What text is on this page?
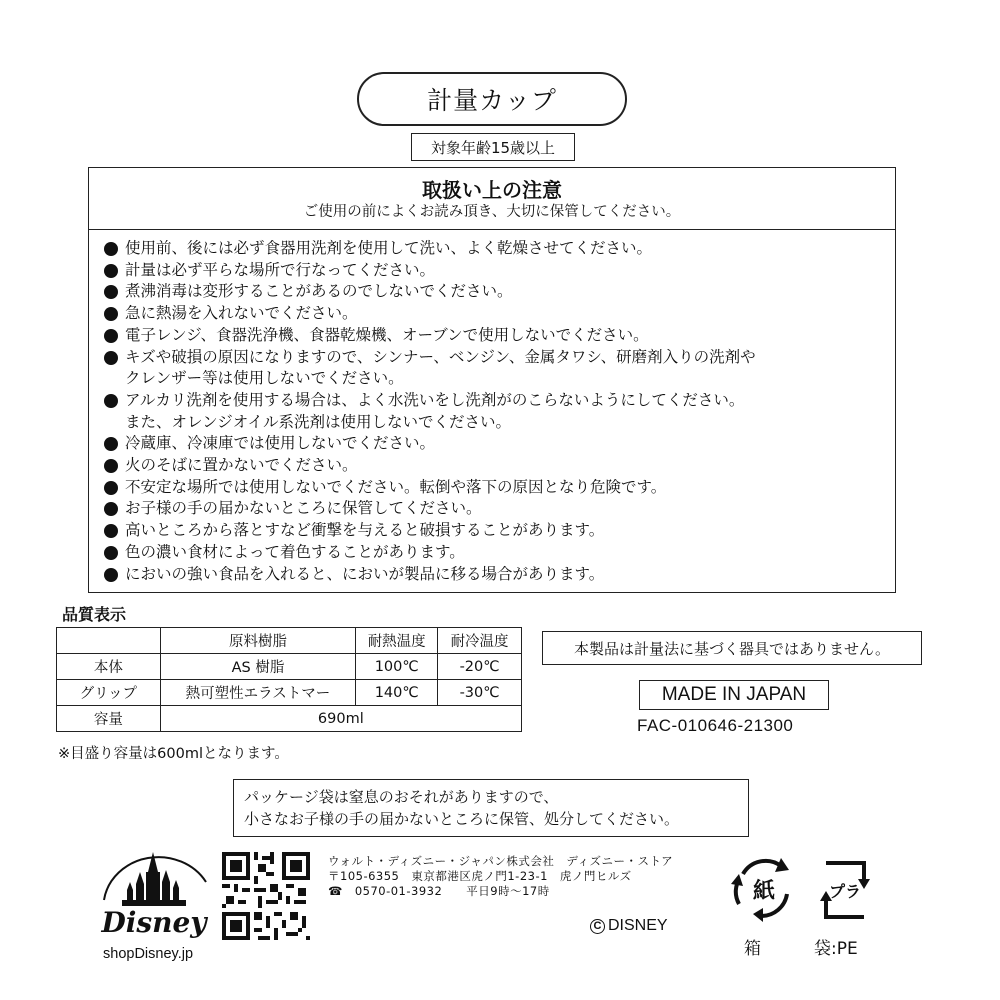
計量カップ
対象年齢15歳以上
取扱い上の注意
ご使用の前によくお読み頂き、大切に保管してください。
使用前、後には必ず食器用洗剤を使用して洗い、よく乾燥させてください。
計量は必ず平らな場所で行なってください。
煮沸消毒は変形することがあるのでしないでください。
急に熱湯を入れないでください。
電子レンジ、食器洗浄機、食器乾燥機、オーブンで使用しないでください。
キズや破損の原因になりますので、シンナー、ベンジン、金属タワシ、研磨剤入りの洗剤や
クレンザー等は使用しないでください。
アルカリ洗剤を使用する場合は、よく水洗いをし洗剤がのこらないようにしてください。
また、オレンジオイル系洗剤は使用しないでください。
冷蔵庫、冷凍庫では使用しないでください。
火のそばに置かないでください。
不安定な場所では使用しないでください。転倒や落下の原因となり危険です。
お子様の手の届かないところに保管してください。
高いところから落とすなど衝撃を与えると破損することがあります。
色の濃い食材によって着色することがあります。
においの強い食品を入れると、においが製品に移る場合があります。
品質表示
	原料樹脂	耐熱温度	耐冷温度
本体	AS 樹脂	100℃	-20℃
グリップ	熱可塑性エラストマー	140℃	-30℃
容量	690ml		
※目盛り容量は600mlとなります。
本製品は計量法に基づく器具ではありません。
MADE IN JAPAN
FAC-010646-21300
パッケージ袋は窒息のおそれがありますので、
小さなお子様の手の届かないところに保管、処分してください。
Disney
shopDisney.jp
ウォルト・ディズニー・ジャパン株式会社　ディズニー・ストア
〒105-6355　東京都港区虎ノ門1-23-1　虎ノ門ヒルズ
☎　0570-01-3932　　平日9時～17時
C DISNEY
紙	プラ
箱	袋:PE
